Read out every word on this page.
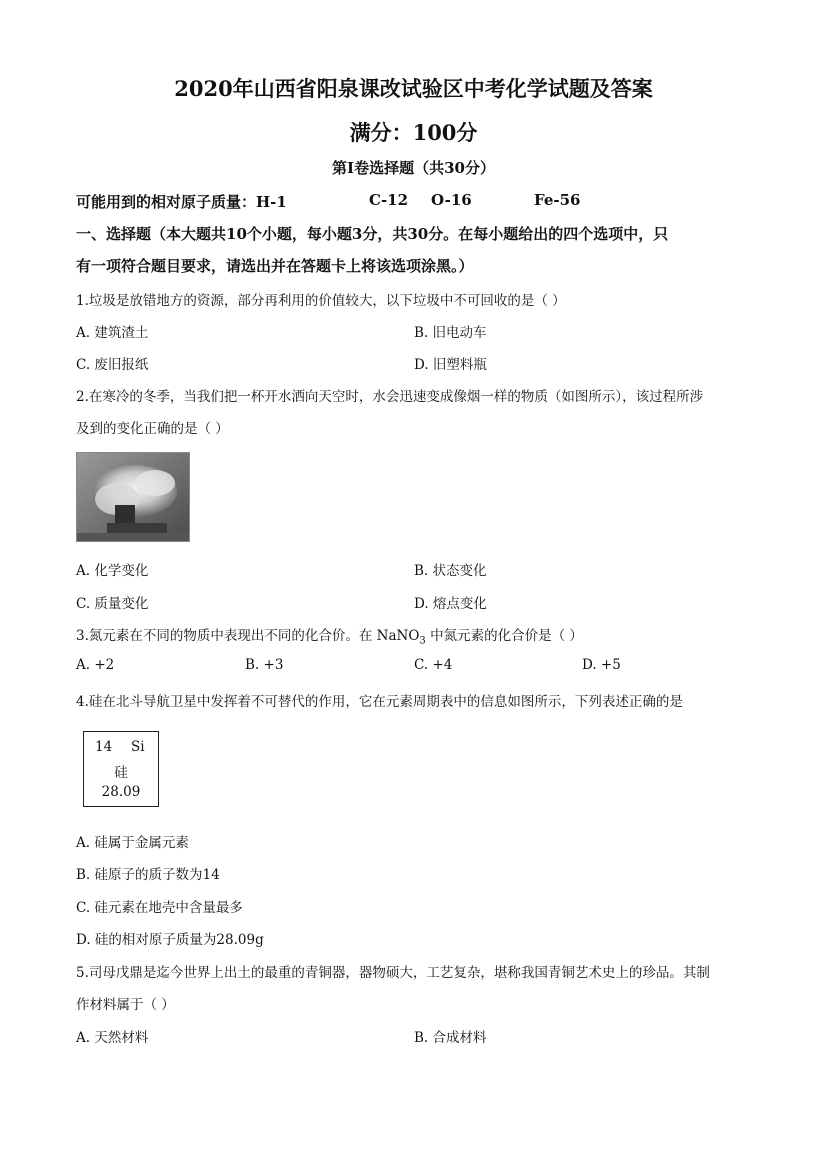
2020年山西省阳泉课改试验区中考化学试题及答案
满分：100分
第Ⅰ卷选择题（共30分）
可能用到的相对原子质量：H-1	C-12 O-16	Fe-56
一、选择题（本大题共10个小题，每小题3分，共30分。在每小题给出的四个选项中，只
有一项符合题目要求，请选出并在答题卡上将该选项涂黑。）
1.垃圾是放错地方的资源，部分再利用的价值较大，以下垃圾中不可回收的是（ ）
A. 建筑渣土	B. 旧电动车
C. 废旧报纸	D. 旧塑料瓶
2.在寒冷的冬季，当我们把一杯开水洒向天空时，水会迅速变成像烟一样的物质（如图所示），该过程所涉
及到的变化正确的是（ ）
A. 化学变化	B. 状态变化
C. 质量变化	D. 熔点变化
3.氮元素在不同的物质中表现出不同的化合价。在 NaNO$_3$ 中氮元素的化合价是（ ）
A. +2	B. +3	C. +4	D. +5
4.硅在北斗导航卫星中发挥着不可替代的作用，它在元素周期表中的信息如图所示，下列表述正确的是
14 Si
硅
28.09
A. 硅属于金属元素
B. 硅原子的质子数为14
C. 硅元素在地壳中含量最多
D. 硅的相对原子质量为28.09g
5.司母戊鼎是迄今世界上出土的最重的青铜器，器物硕大，工艺复杂，堪称我国青铜艺术史上的珍品。其制
作材料属于（ ）
A. 天然材料	B. 合成材料
